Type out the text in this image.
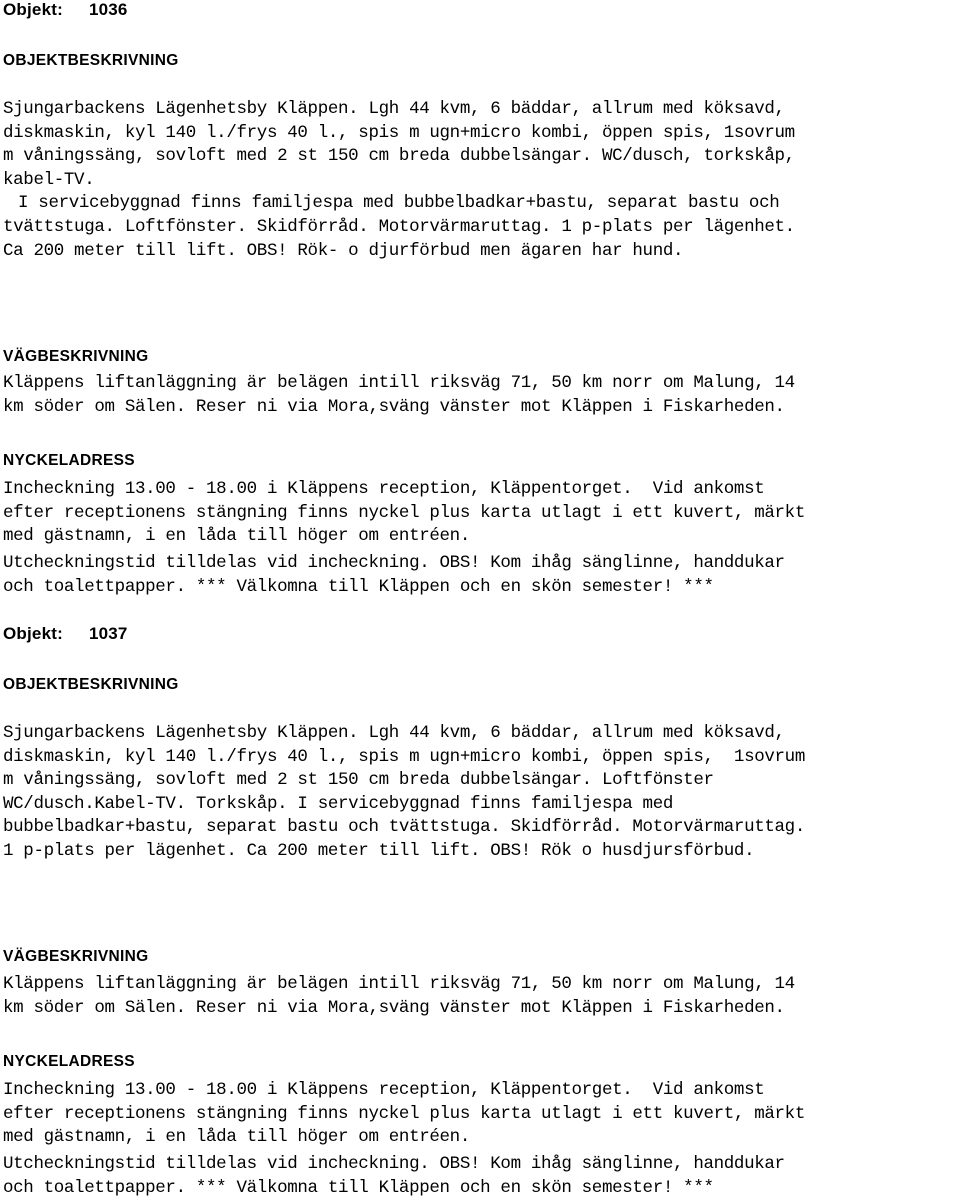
Objekt: 1036
OBJEKTBESKRIVNING
Sjungarbackens Lägenhetsby Kläppen. Lgh 44 kvm, 6 bäddar, allrum med köksavd,
diskmaskin, kyl 140 l./frys 40 l., spis m ugn+micro kombi, öppen spis, 1sovrum
m våningssäng, sovloft med 2 st 150 cm breda dubbelsängar. WC/dusch, torkskåp,
kabel-TV.
I servicebyggnad finns familjespa med bubbelbadkar+bastu, separat bastu och
tvättstuga. Loftfönster. Skidförråd. Motorvärmaruttag. 1 p-plats per lägenhet.
Ca 200 meter till lift. OBS! Rök- o djurförbud men ägaren har hund.
VÄGBESKRIVNING
Kläppens liftanläggning är belägen intill riksväg 71, 50 km norr om Malung, 14
km söder om Sälen. Reser ni via Mora,sväng vänster mot Kläppen i Fiskarheden.
NYCKELADRESS
Incheckning 13.00 - 18.00 i Kläppens reception, Kläppentorget.  Vid ankomst
efter receptionens stängning finns nyckel plus karta utlagt i ett kuvert, märkt
med gästnamn, i en låda till höger om entréen.
Utcheckningstid tilldelas vid incheckning. OBS! Kom ihåg sänglinne, handdukar
och toalettpapper. *** Välkomna till Kläppen och en skön semester! ***
Objekt: 1037
OBJEKTBESKRIVNING
Sjungarbackens Lägenhetsby Kläppen. Lgh 44 kvm, 6 bäddar, allrum med köksavd,
diskmaskin, kyl 140 l./frys 40 l., spis m ugn+micro kombi, öppen spis,  1sovrum
m våningssäng, sovloft med 2 st 150 cm breda dubbelsängar. Loftfönster
WC/dusch.Kabel-TV. Torkskåp. I servicebyggnad finns familjespa med
bubbelbadkar+bastu, separat bastu och tvättstuga. Skidförråd. Motorvärmaruttag.
1 p-plats per lägenhet. Ca 200 meter till lift. OBS! Rök o husdjursförbud.
VÄGBESKRIVNING
Kläppens liftanläggning är belägen intill riksväg 71, 50 km norr om Malung, 14
km söder om Sälen. Reser ni via Mora,sväng vänster mot Kläppen i Fiskarheden.
NYCKELADRESS
Incheckning 13.00 - 18.00 i Kläppens reception, Kläppentorget.  Vid ankomst
efter receptionens stängning finns nyckel plus karta utlagt i ett kuvert, märkt
med gästnamn, i en låda till höger om entréen.
Utcheckningstid tilldelas vid incheckning. OBS! Kom ihåg sänglinne, handdukar
och toalettpapper. *** Välkomna till Kläppen och en skön semester! ***
